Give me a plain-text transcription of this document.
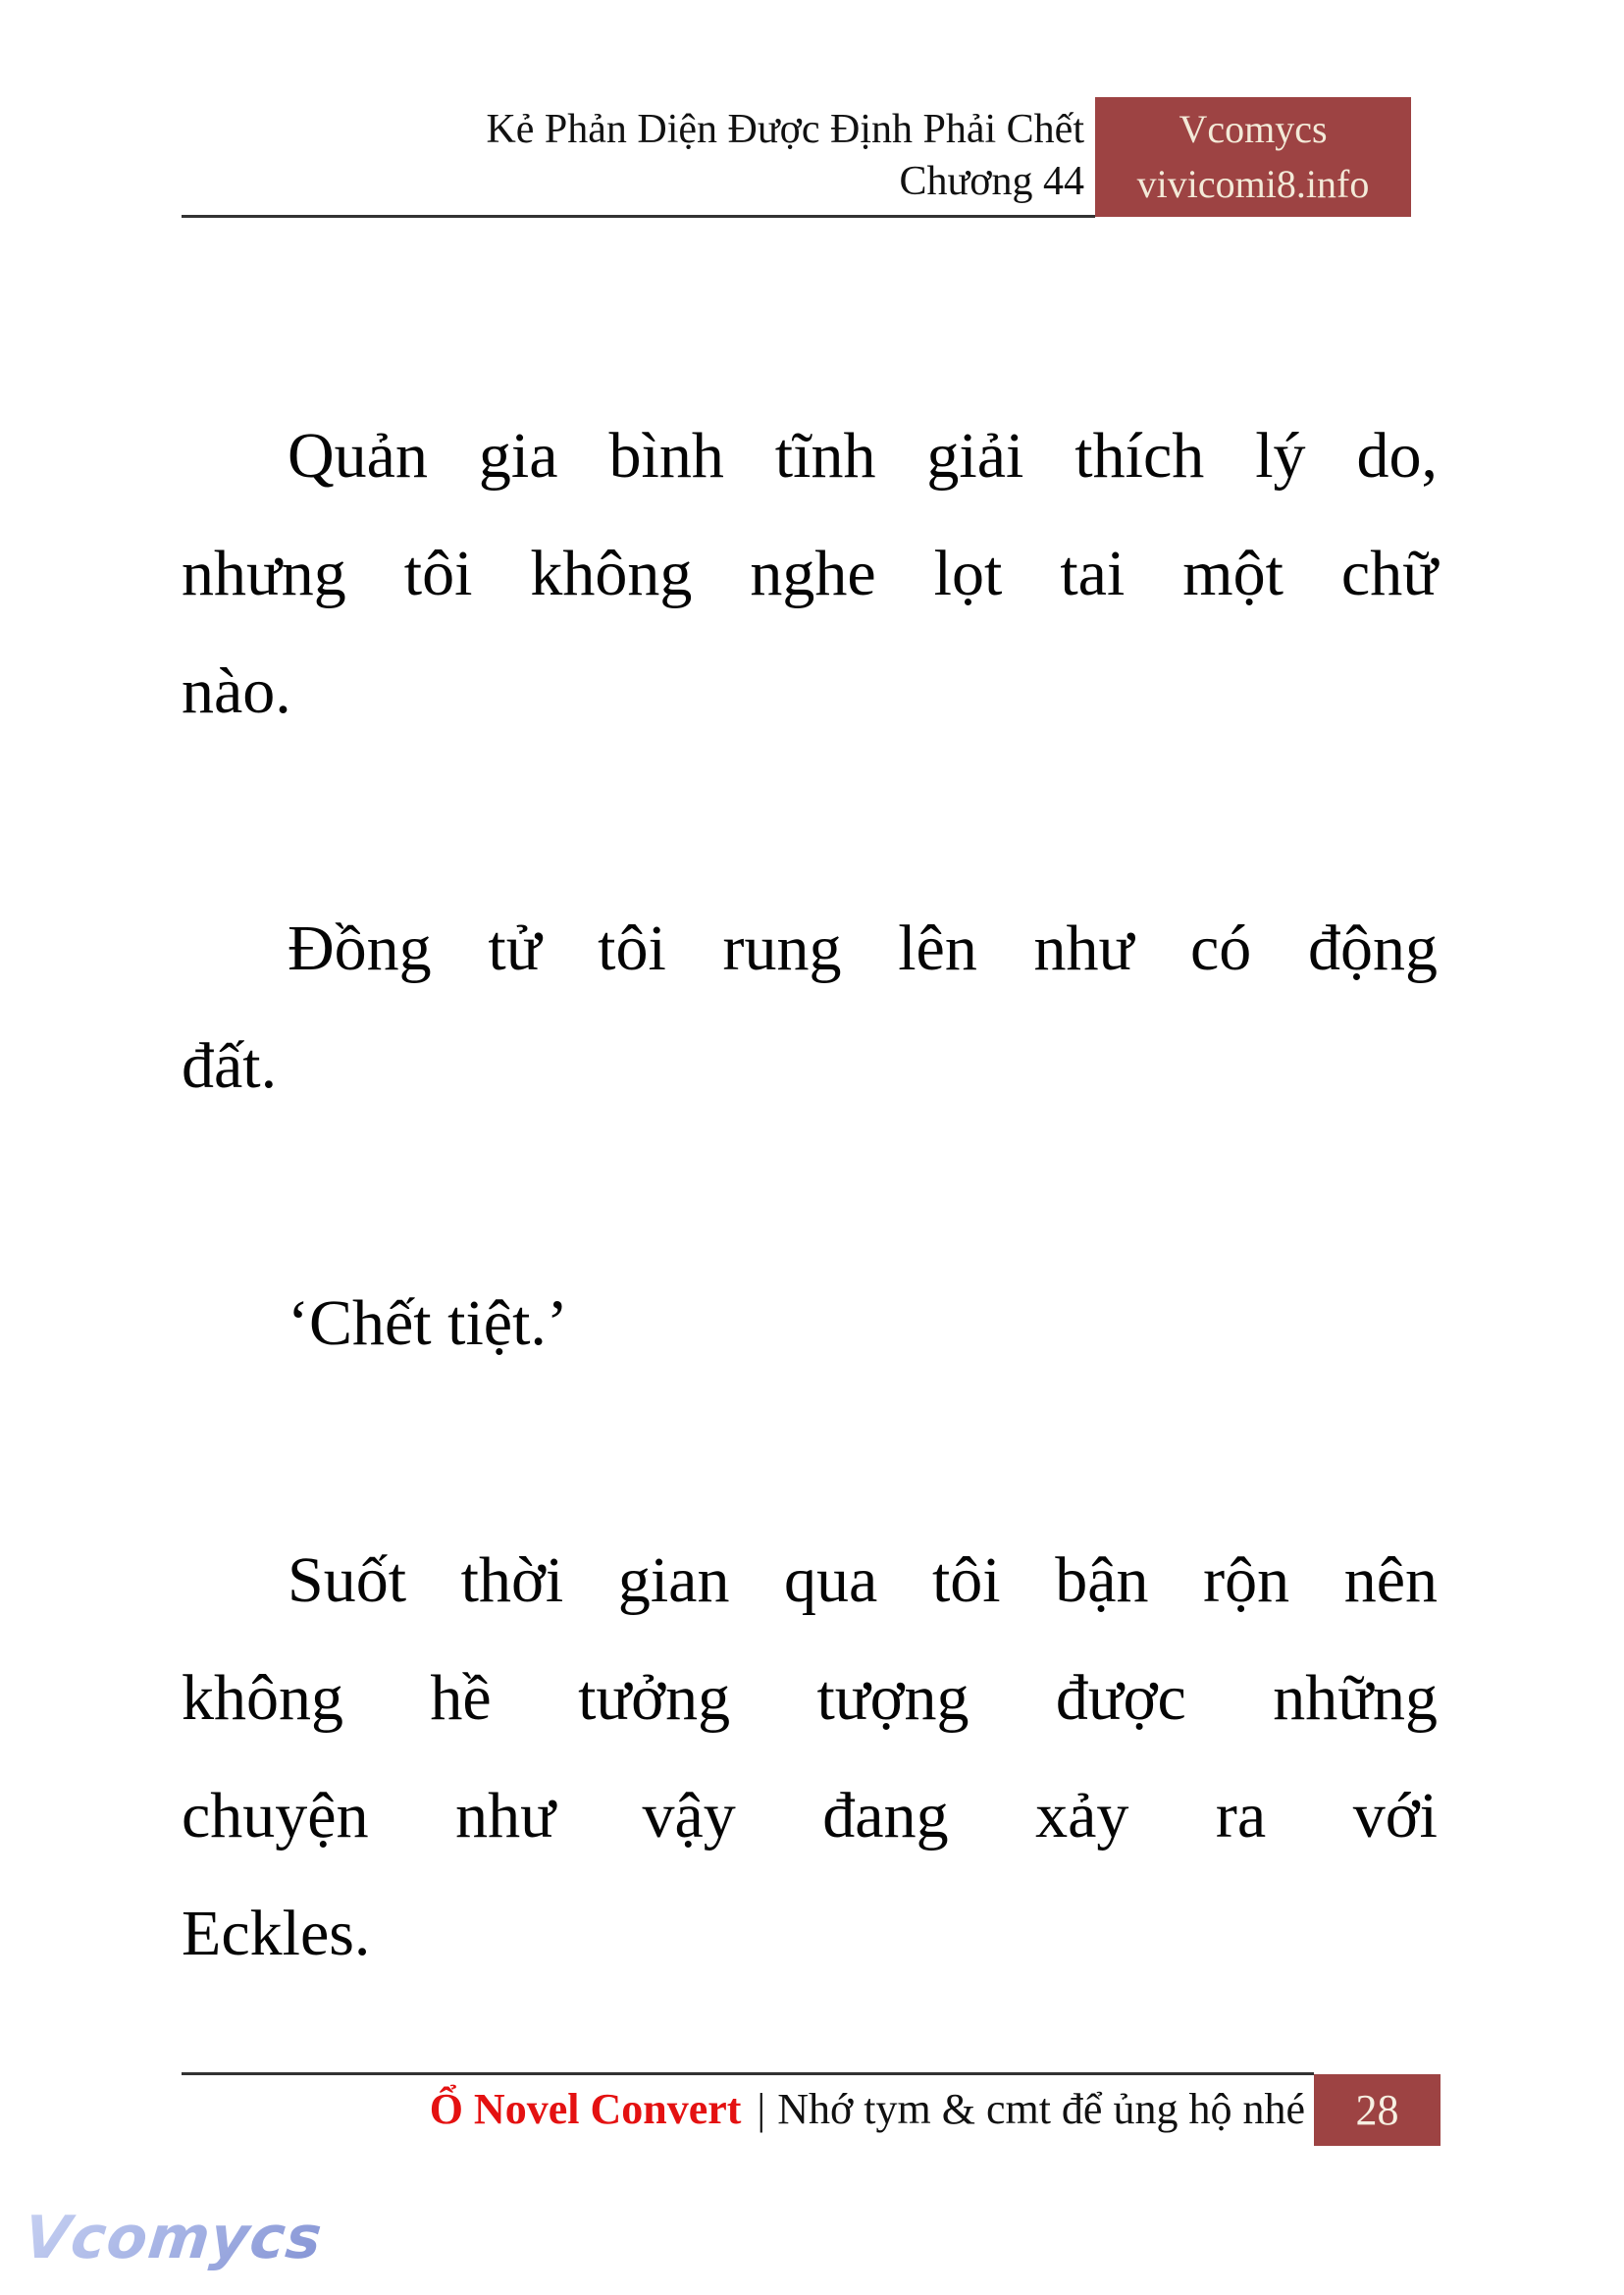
Kẻ Phản Diện Được Định Phải Chết
Chương 44
Vcomycs
vivicomi8.info
Quản gia bình tĩnh giải thích lý do,
nhưng tôi không nghe lọt tai một chữ
nào.
Đồng tử tôi rung lên như có động
đất.
‘Chết tiệt.’
Suốt thời gian qua tôi bận rộn nên
không hề tưởng tượng được những
chuyện như vậy đang xảy ra với
Eckles.
Ổ Novel Convert | Nhớ tym & cmt để ủng hộ nhé 28
Vcomycs
